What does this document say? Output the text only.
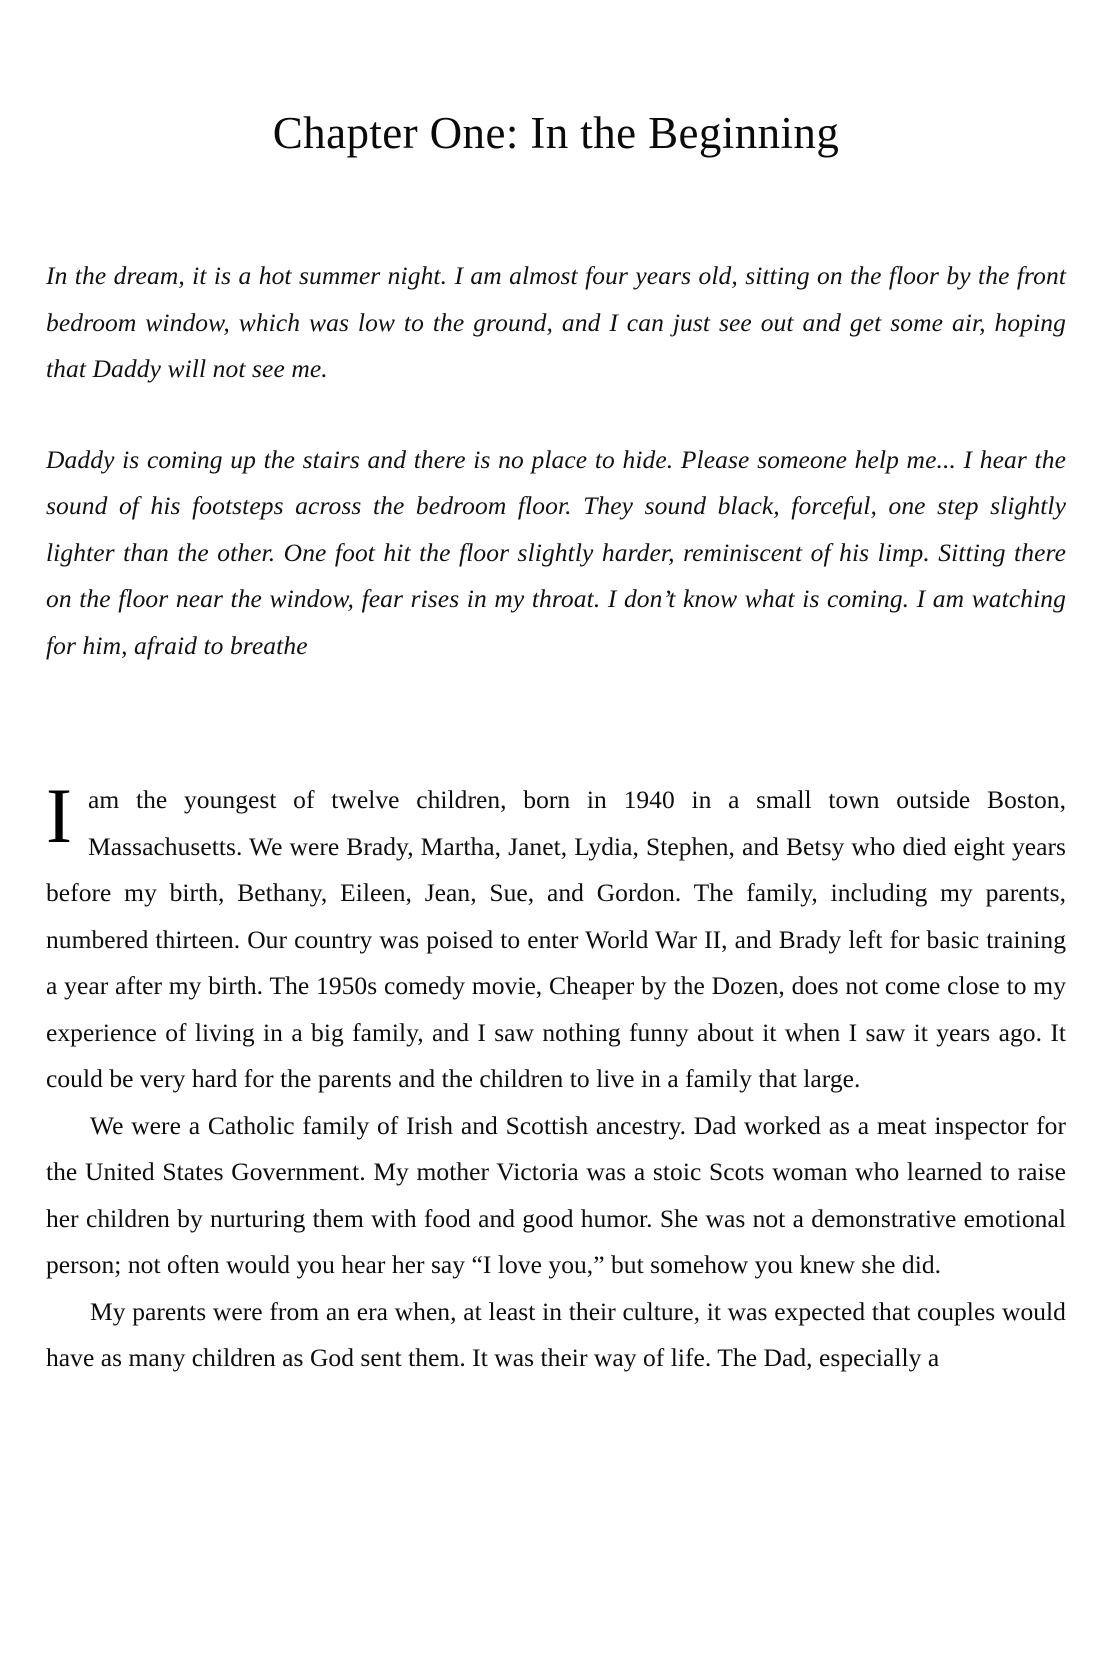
Chapter One: In the Beginning

In the dream, it is a hot summer night. I am almost four years old, sitting on the floor by the front bedroom window, which was low to the ground, and I can just see out and get some air, hoping that Daddy will not see me.

Daddy is coming up the stairs and there is no place to hide. Please someone help me... I hear the sound of his footsteps across the bedroom floor. They sound black, forceful, one step slightly lighter than the other. One foot hit the floor slightly harder, reminiscent of his limp. Sitting there on the floor near the window, fear rises in my throat. I don’t know what is coming. I am watching for him, afraid to breathe

Iam the youngest of twelve children, born in 1940 in a small town outside Boston, Massachusetts. We were Brady, Martha, Janet, Lydia, Stephen, and Betsy who died eight years before my birth, Bethany, Eileen, Jean, Sue, and Gordon. The family, including my parents, numbered thirteen. Our country was poised to enter World War II, and Brady left for basic training a year after my birth. The 1950s comedy movie, Cheaper by the Dozen, does not come close to my experience of living in a big family, and I saw nothing funny about it when I saw it years ago. It could be very hard for the parents and the children to live in a family that large.

We were a Catholic family of Irish and Scottish ancestry. Dad worked as a meat inspector for the United States Government. My mother Victoria was a stoic Scots woman who learned to raise her children by nurturing them with food and good humor. She was not a demonstrative emotional person; not often would you hear her say “I love you,” but somehow you knew she did.

My parents were from an era when, at least in their culture, it was expected that couples would have as many children as God sent them. It was their way of life. The Dad, especially a
